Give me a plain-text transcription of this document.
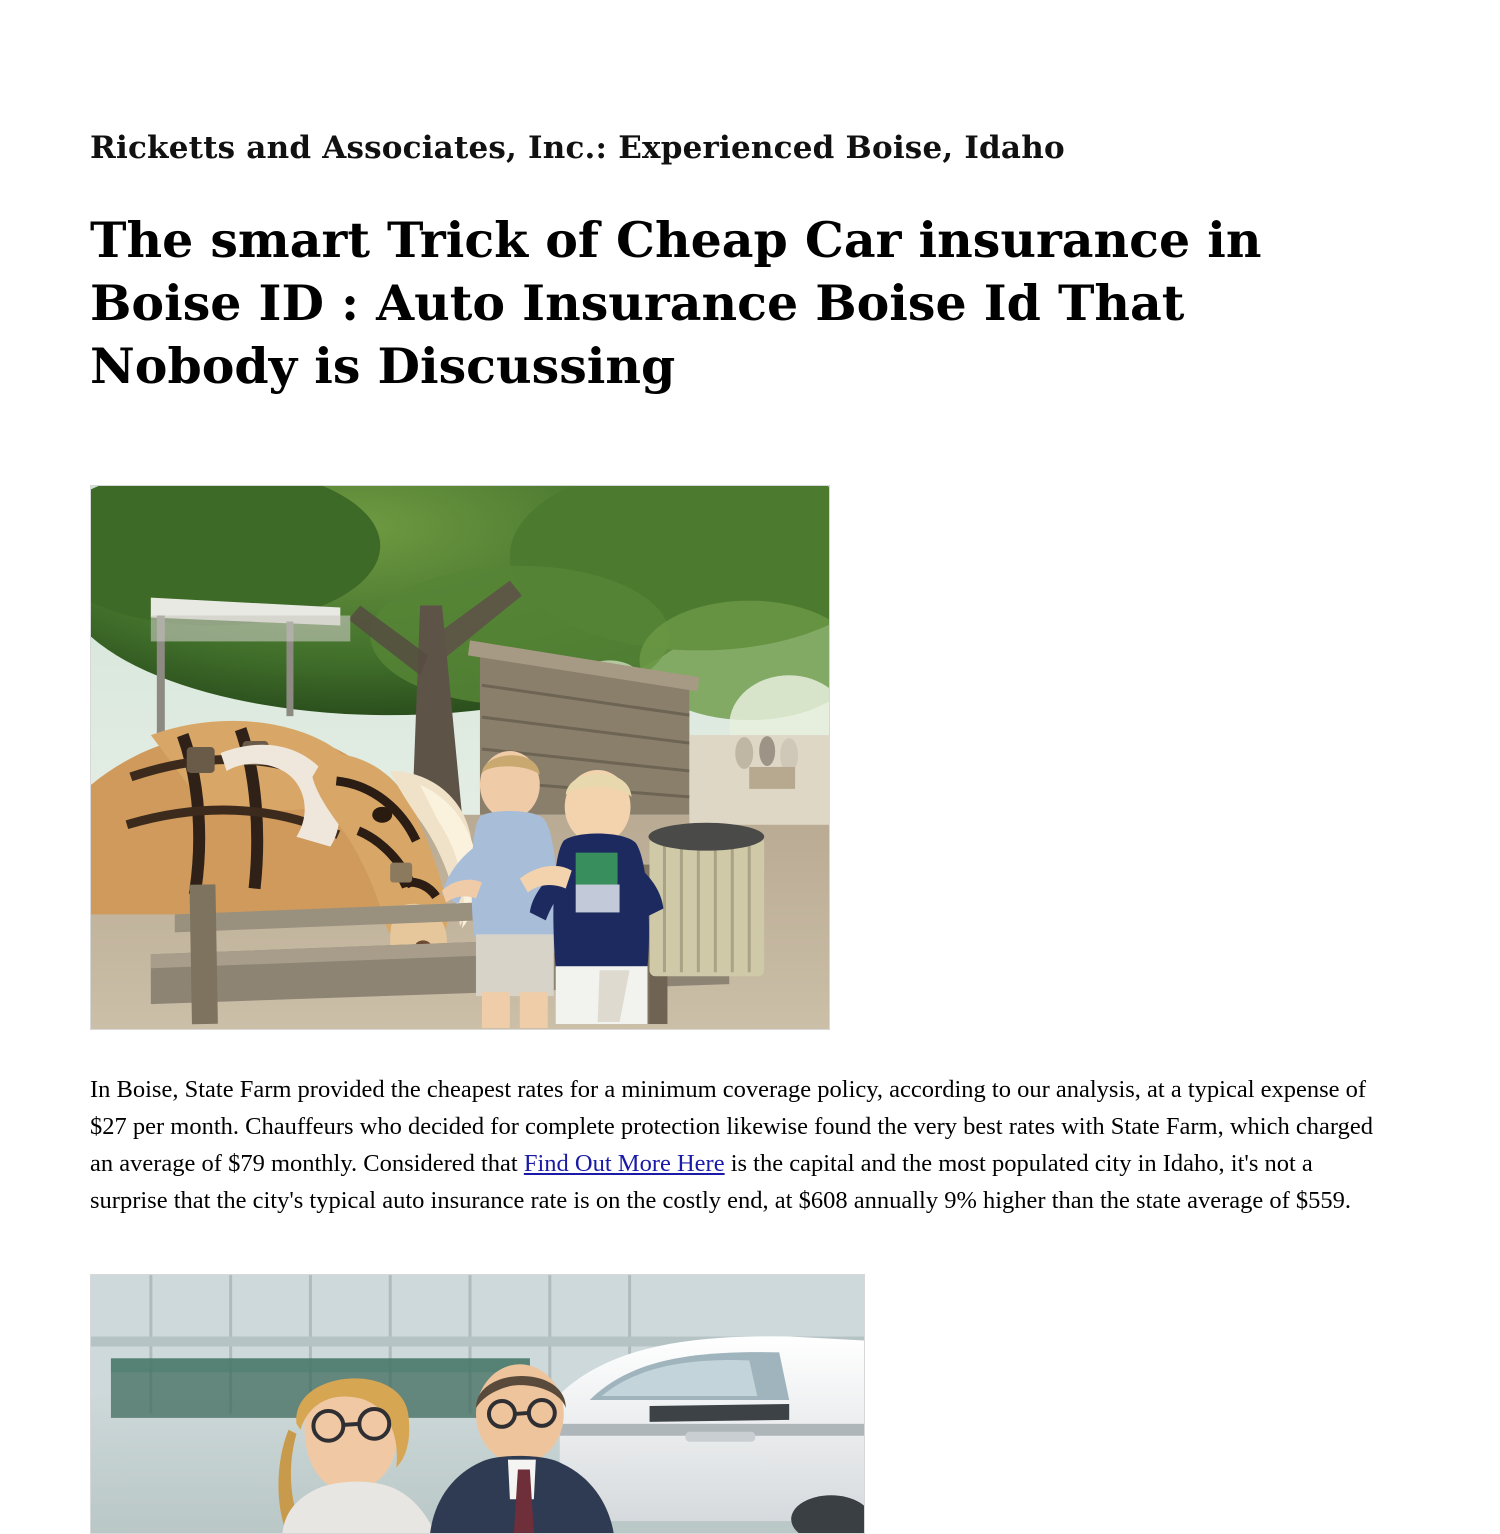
Ricketts and Associates, Inc.: Experienced Boise, Idaho
The smart Trick of Cheap Car insurance in Boise ID : Auto Insurance Boise Id That Nobody is Discussing

In Boise, State Farm provided the cheapest rates for a minimum coverage policy, according to our analysis, at a typical expense of $27 per month. Chauffeurs who decided for complete protection likewise found the very best rates with State Farm, which charged an average of $79 monthly. Considered that Find Out More Here is the capital and the most populated city in Idaho, it's not a surprise that the city's typical auto insurance rate is on the costly end, at $608 annually 9% higher than the state average of $559.
